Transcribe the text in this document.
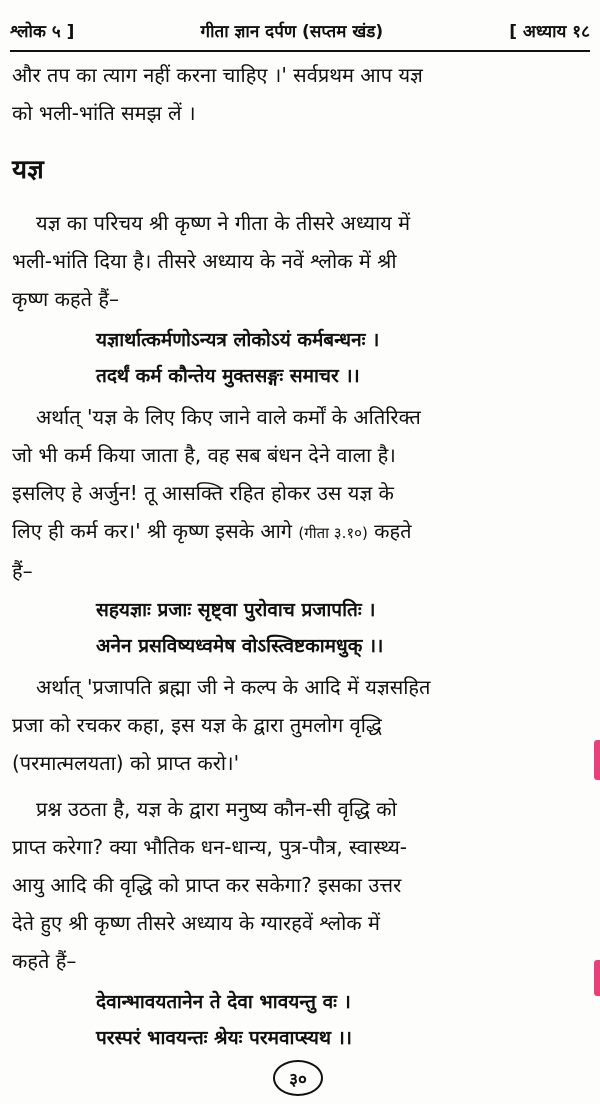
श्लोक ५ ]	गीता ज्ञान दर्पण (सप्तम खंड)	[ अध्याय १८
और तप का त्याग नहीं करना चाहिए ।' सर्वप्रथम आप यज्ञ
को भली-भांति समझ लें ।
यज्ञ
यज्ञ का परिचय श्री कृष्ण ने गीता के तीसरे अध्याय में
भली-भांति दिया है। तीसरे अध्याय के नवें श्लोक में श्री
कृष्ण कहते हैं–
यज्ञार्थात्कर्मणोऽन्यत्र लोकोऽयं कर्मबन्धनः ।
तदर्थं कर्म कौन्तेय मुक्तसङ्गः समाचर ।।
अर्थात् 'यज्ञ के लिए किए जाने वाले कर्मों के अतिरिक्त
जो भी कर्म किया जाता है, वह सब बंधन देने वाला है।
इसलिए हे अर्जुन! तू आसक्ति रहित होकर उस यज्ञ के
लिए ही कर्म कर।' श्री कृष्ण इसके आगे (गीता ३.१०) कहते
हैं–
सहयज्ञाः प्रजाः सृष्ट्वा पुरोवाच प्रजापतिः ।
अनेन प्रसविष्यध्वमेष वोऽस्त्विष्टकामधुक् ।।
अर्थात् 'प्रजापति ब्रह्मा जी ने कल्प के आदि में यज्ञसहित
प्रजा को रचकर कहा, इस यज्ञ के द्वारा तुमलोग वृद्धि
(परमात्मलयता) को प्राप्त करो।'
प्रश्न उठता है, यज्ञ के द्वारा मनुष्य कौन-सी वृद्धि को
प्राप्त करेगा? क्या भौतिक धन-धान्य, पुत्र-पौत्र, स्वास्थ्य-
आयु आदि की वृद्धि को प्राप्त कर सकेगा? इसका उत्तर
देते हुए श्री कृष्ण तीसरे अध्याय के ग्यारहवें श्लोक में
कहते हैं–
देवान्भावयतानेन ते देवा भावयन्तु वः ।
परस्परं भावयन्तः श्रेयः परमवाप्स्यथ ।।
३०
